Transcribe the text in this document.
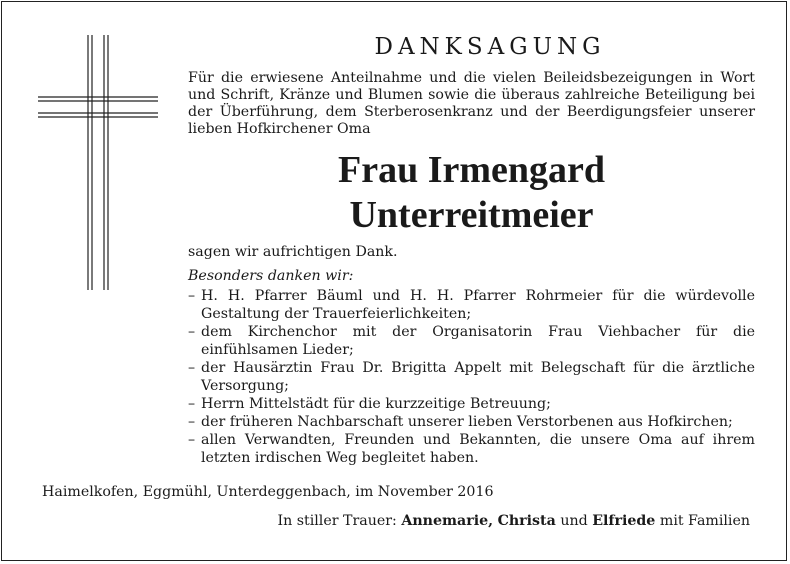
DANKSAGUNG
Für die erwiesene Anteilnahme und die vielen Beileidsbezeigungen in Wort und Schrift, Kränze und Blumen sowie die überaus zahlreiche Beteiligung bei der Überführung, dem Sterberosenkranz und der Beerdigungsfeier unserer lieben Hofkirchener Oma
Frau Irmengard
Unterreitmeier
sagen wir aufrichtigen Dank.
Besonders danken wir:
– H. H. Pfarrer Bäuml und H. H. Pfarrer Rohrmeier für die würdevolle Gestaltung der Trauerfeierlichkeiten;
– dem Kirchenchor mit der Organisatorin Frau Viehbacher für die einfühlsamen Lieder;
– der Hausärztin Frau Dr. Brigitta Appelt mit Belegschaft für die ärztliche Versorgung;
– Herrn Mittelstädt für die kurzzeitige Betreuung;
– der früheren Nachbarschaft unserer lieben Verstorbenen aus Hofkirchen;
– allen Verwandten, Freunden und Bekannten, die unsere Oma auf ihrem letzten irdischen Weg begleitet haben.
Haimelkofen, Eggmühl, Unterdeggenbach, im November 2016
In stiller Trauer: Annemarie, Christa und Elfriede mit Familien
